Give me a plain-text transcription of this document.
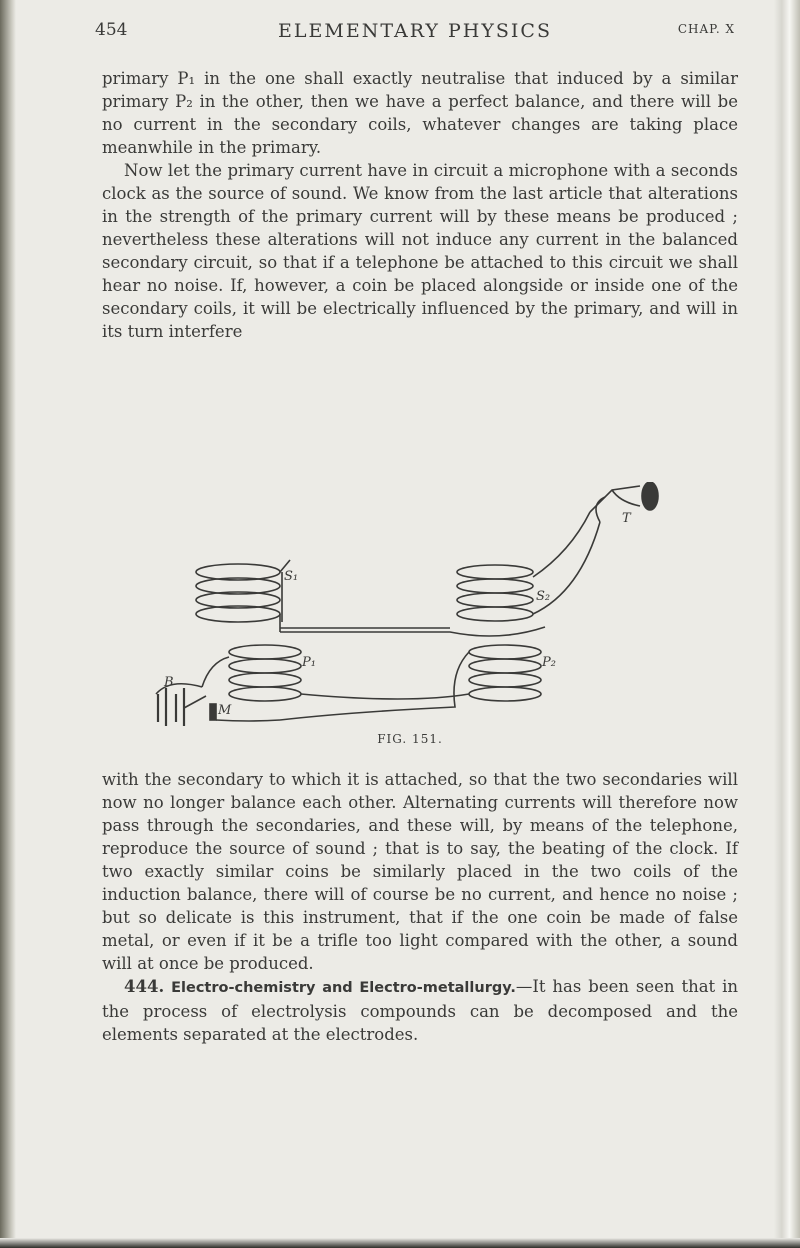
454	ELEMENTARY PHYSICS	CHAP. X

primary P₁ in the one shall exactly neutralise that induced by a similar primary P₂ in the other, then we have a perfect balance, and there will be no current in the secondary coils, whatever changes are taking place meanwhile in the primary.

Now let the primary current have in circuit a microphone with a seconds clock as the source of sound. We know from the last article that alterations in the strength of the primary current will by these means be produced ; nevertheless these alterations will not induce any current in the balanced secondary circuit, so that if a telephone be attached to this circuit we shall hear no noise. If, however, a coin be placed alongside or inside one of the secondary coils, it will be electrically influenced by the primary, and will in its turn interfere

S₁
S₂
T
P₁	P₂
B
M
FIG. 151.

with the secondary to which it is attached, so that the two secondaries will now no longer balance each other. Alternating currents will therefore now pass through the secondaries, and these will, by means of the telephone, reproduce the source of sound ; that is to say, the beating of the clock. If two exactly similar coins be similarly placed in the two coils of the induction balance, there will of course be no current, and hence no noise ; but so delicate is this instrument, that if the one coin be made of false metal, or even if it be a trifle too light compared with the other, a sound will at once be produced.

444. Electro-chemistry and Electro-metallurgy.—It has been seen that in the process of electrolysis compounds can be decomposed and the elements separated at the electrodes.
